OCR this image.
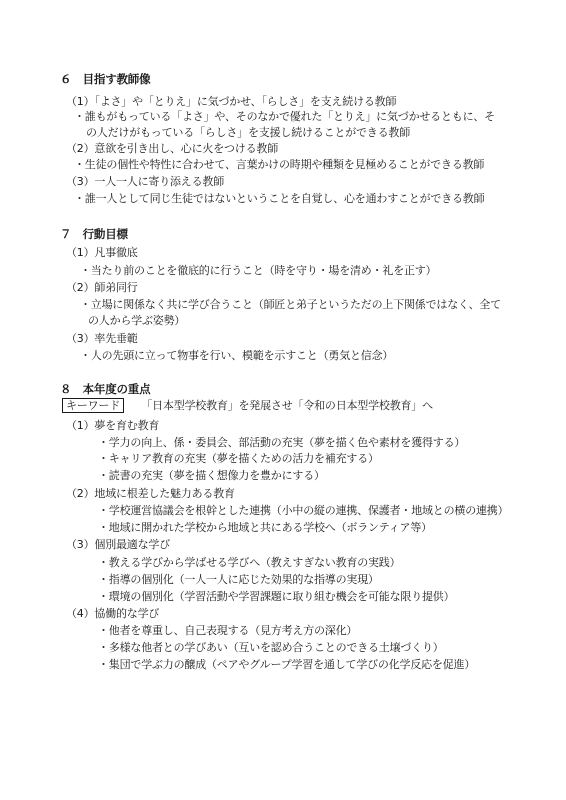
６　目指す教師像
（1）「よさ」や「とりえ」に気づかせ、「らしさ」を支え続ける教師
・誰もがもっている「よさ」や、そのなかで優れた「とりえ」に気づかせるともに、そ
の人だけがもっている「らしさ」を支援し続けることができる教師
（2）意欲を引き出し、心に火をつける教師
・生徒の個性や特性に合わせて、言葉かけの時期や種類を見極めることができる教師
（3）一人一人に寄り添える教師
・誰一人として同じ生徒ではないということを自覚し、心を通わすことができる教師
７　行動目標
（1）凡事徹底
・当たり前のことを徹底的に行うこと（時を守り・場を清め・礼を正す）
（2）師弟同行
・立場に関係なく共に学び合うこと（師匠と弟子というただの上下関係ではなく、全て
の人から学ぶ姿勢）
（3）率先垂範
・人の先頭に立って物事を行い、模範を示すこと（勇気と信念）
８　本年度の重点
キーワード 「日本型学校教育」を発展させ「令和の日本型学校教育」へ
（1）夢を育む教育
・学力の向上、係・委員会、部活動の充実（夢を描く色や素材を獲得する）
・キャリア教育の充実（夢を描くための活力を補充する）
・読書の充実（夢を描く想像力を豊かにする）
（2）地域に根差した魅力ある教育
・学校運営協議会を根幹とした連携（小中の縦の連携、保護者・地域との横の連携）
・地域に開かれた学校から地域と共にある学校へ（ボランティア等）
（3）個別最適な学び
・教える学びから学ばせる学びへ（教えすぎない教育の実践）
・指導の個別化（一人一人に応じた効果的な指導の実現）
・環境の個別化（学習活動や学習課題に取り組む機会を可能な限り提供）
（4）協働的な学び
・他者を尊重し、自己表現する（見方考え方の深化）
・多様な他者との学びあい（互いを認め合うことのできる土壌づくり）
・集団で学ぶ力の醸成（ペアやグループ学習を通して学びの化学反応を促進）
